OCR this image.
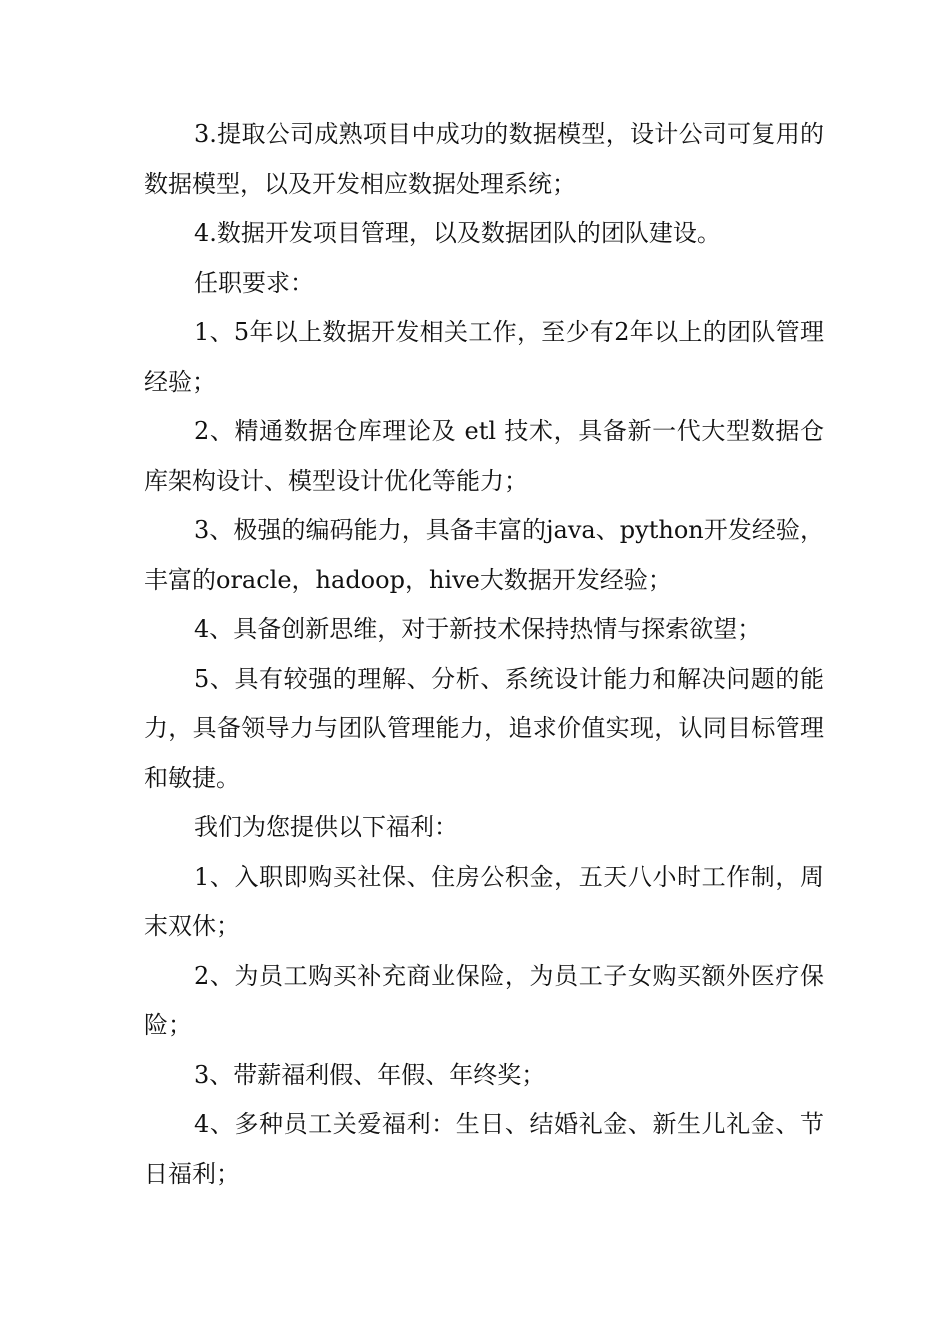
3.提取公司成熟项目中成功的数据模型，设计公司可复用的数据模型，以及开发相应数据处理系统；

4.数据开发项目管理，以及数据团队的团队建设。

任职要求：

1、5年以上数据开发相关工作，至少有2年以上的团队管理经验；

2、精通数据仓库理论及 etl 技术，具备新一代大型数据仓库架构设计、模型设计优化等能力；

3、极强的编码能力，具备丰富的java、python开发经验，丰富的oracle，hadoop，hive大数据开发经验；

4、具备创新思维，对于新技术保持热情与探索欲望；

5、具有较强的理解、分析、系统设计能力和解决问题的能力，具备领导力与团队管理能力，追求价值实现，认同目标管理和敏捷。

我们为您提供以下福利：

1、入职即购买社保、住房公积金，五天八小时工作制，周末双休；

2、为员工购买补充商业保险，为员工子女购买额外医疗保险；

3、带薪福利假、年假、年终奖；

4、多种员工关爱福利：生日、结婚礼金、新生儿礼金、节日福利；
